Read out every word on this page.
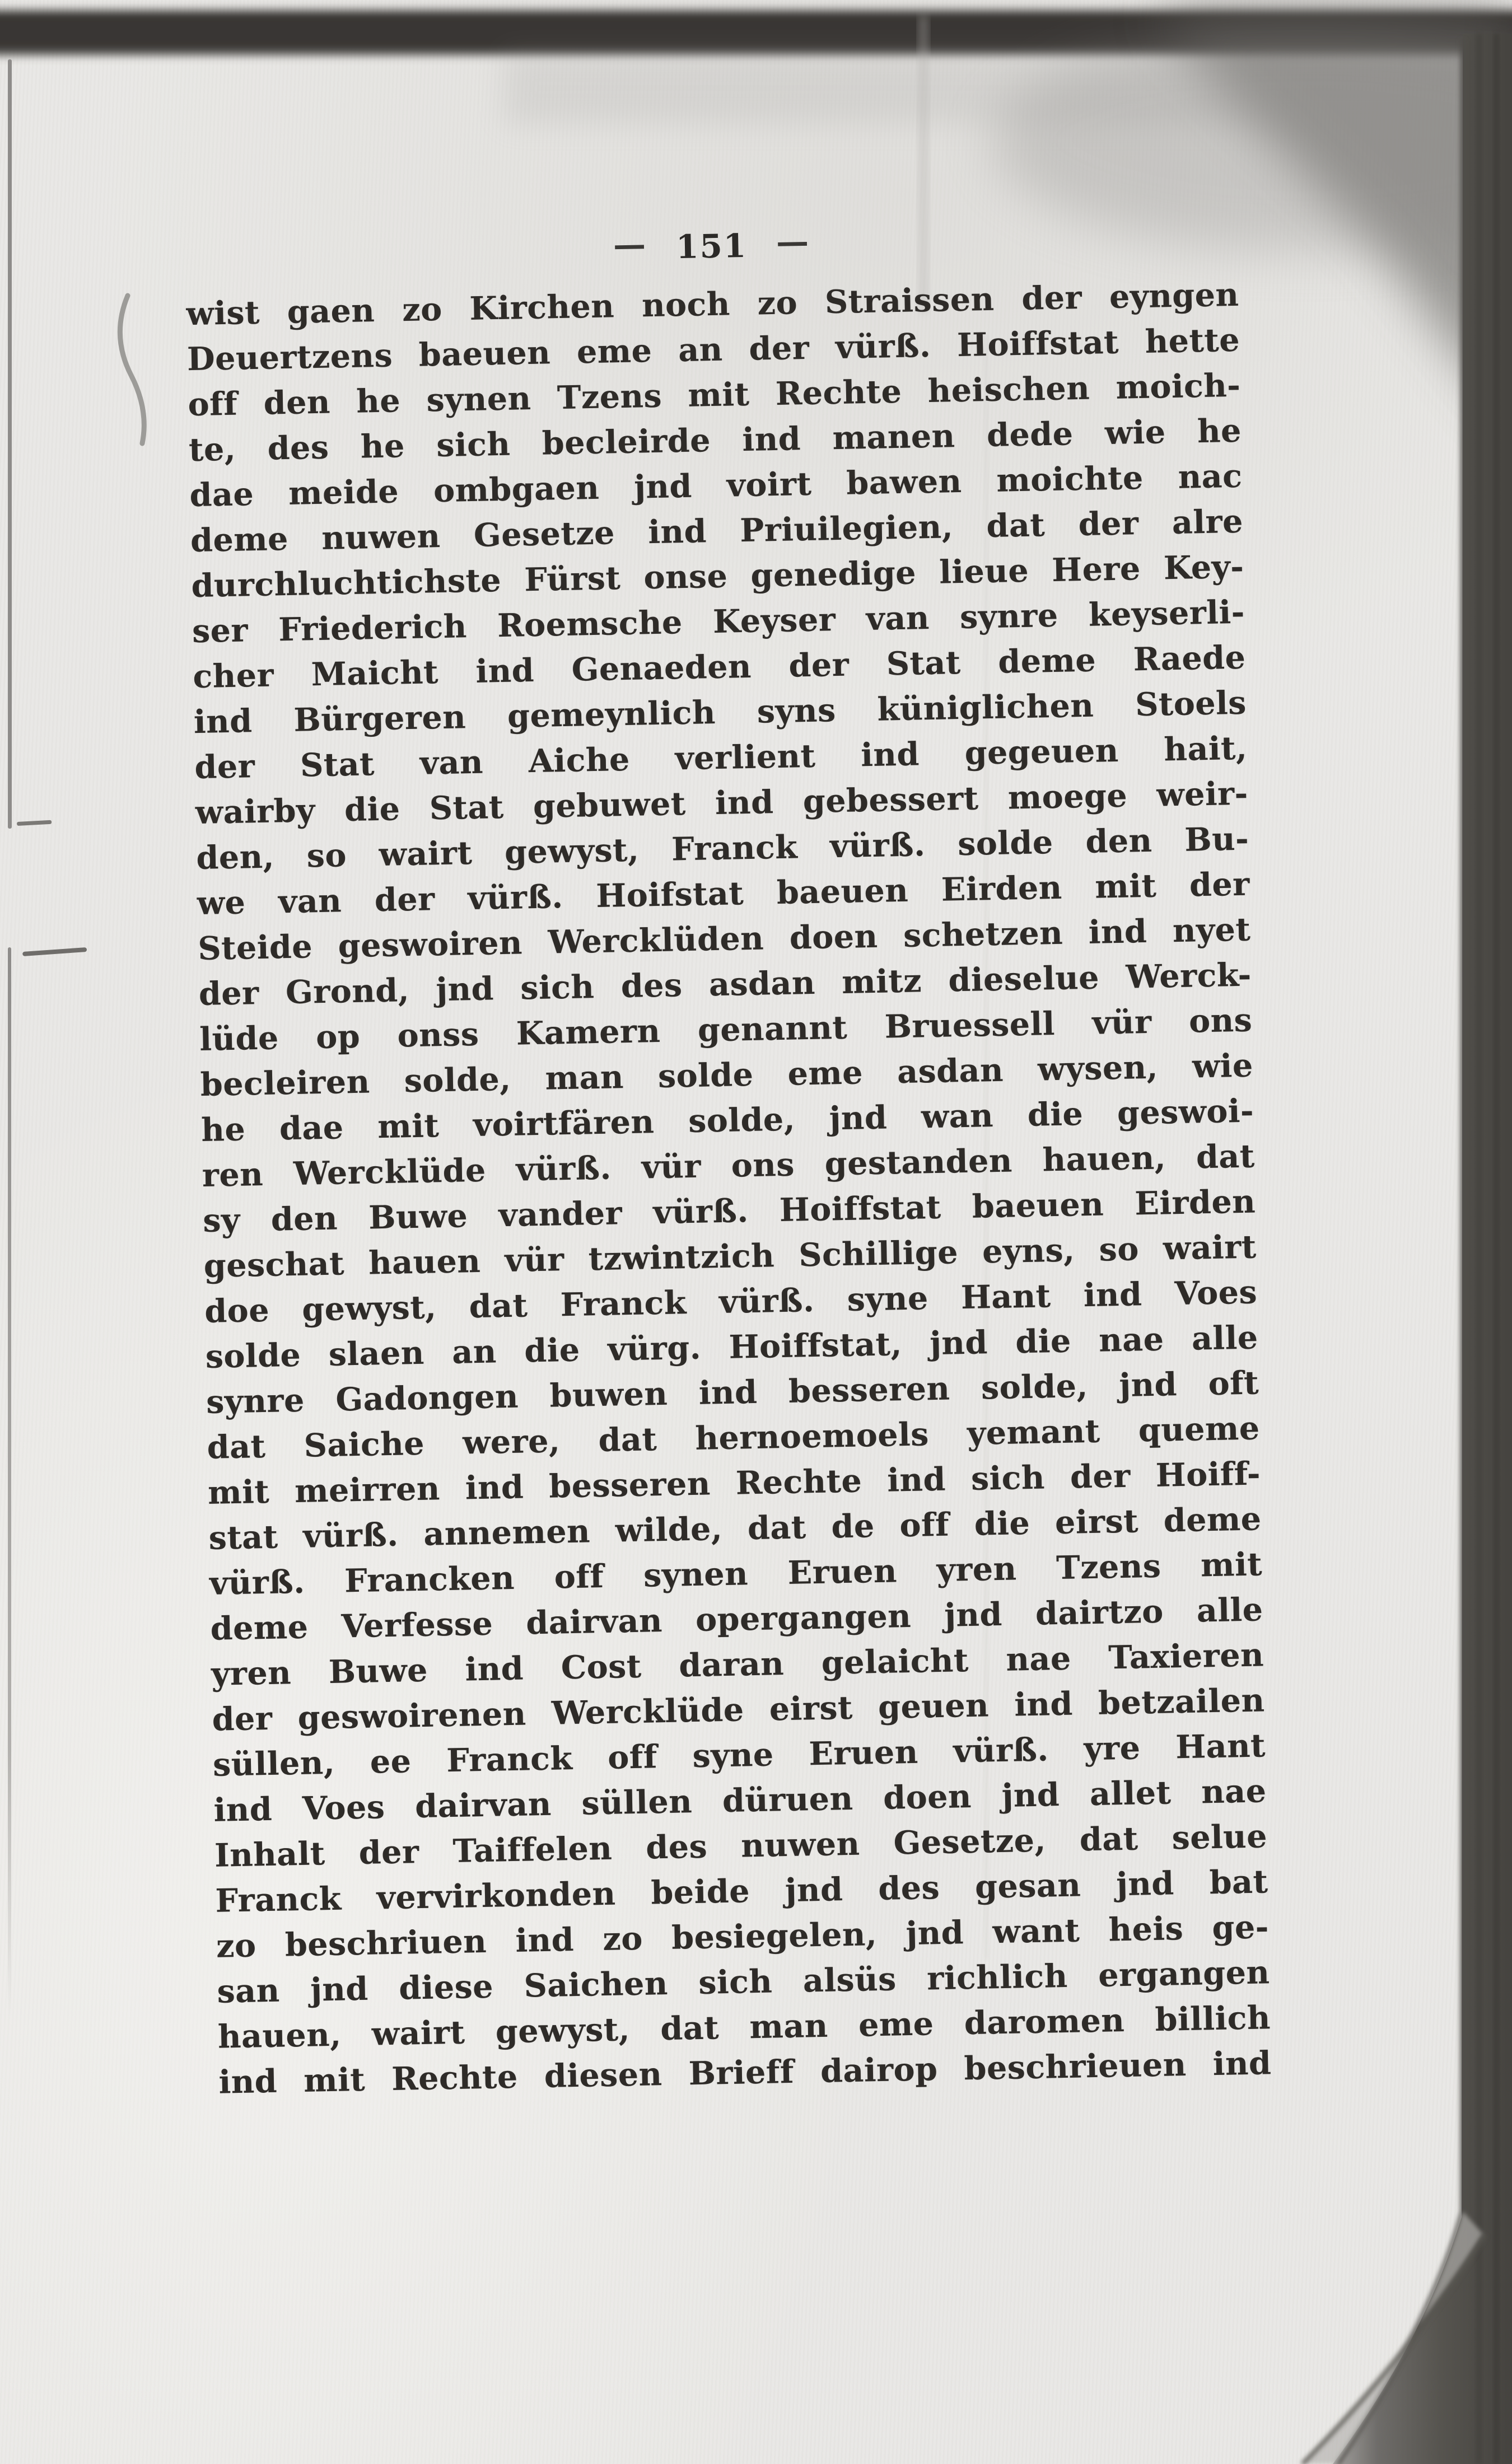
— 151 —
wist gaen zo Kirchen noch zo Straissen der eyngen
Deuertzens baeuen eme an der vürß. Hoiffstat hette
off den he synen Tzens mit Rechte heischen moich-
te, des he sich becleirde ind manen dede wie he
dae meide ombgaen jnd voirt bawen moichte nac
deme nuwen Gesetze ind Priuilegien, dat der alre
durchluchtichste Fürst onse genedige lieue Here Key-
ser Friederich Roemsche Keyser van synre keyserli-
cher Maicht ind Genaeden der Stat deme Raede
ind Bürgeren gemeynlich syns küniglichen Stoels
der Stat van Aiche verlient ind gegeuen hait,
wairby die Stat gebuwet ind gebessert moege weir-
den, so wairt gewyst, Franck vürß. solde den Bu-
we van der vürß. Hoifstat baeuen Eirden mit der
Steide geswoiren Wercklüden doen schetzen ind nyet
der Grond, jnd sich des asdan mitz dieselue Werck-
lüde op onss Kamern genannt Bruessell vür ons
becleiren solde, man solde eme asdan wysen, wie
he dae mit voirtfären solde, jnd wan die geswoi-
ren Wercklüde vürß. vür ons gestanden hauen, dat
sy den Buwe vander vürß. Hoiffstat baeuen Eirden
geschat hauen vür tzwintzich Schillige eyns, so wairt
doe gewyst, dat Franck vürß. syne Hant ind Voes
solde slaen an die vürg. Hoiffstat, jnd die nae alle
synre Gadongen buwen ind besseren solde, jnd oft
dat Saiche were, dat hernoemoels yemant queme
mit meirren ind besseren Rechte ind sich der Hoiff-
stat vürß. annemen wilde, dat de off die eirst deme
vürß. Francken off synen Eruen yren Tzens mit
deme Verfesse dairvan opergangen jnd dairtzo alle
yren Buwe ind Cost daran gelaicht nae Taxieren
der geswoirenen Wercklüde eirst geuen ind betzailen
süllen, ee Franck off syne Eruen vürß. yre Hant
ind Voes dairvan süllen düruen doen jnd allet nae
Inhalt der Taiffelen des nuwen Gesetze, dat selue
Franck vervirkonden beide jnd des gesan jnd bat
zo beschriuen ind zo besiegelen, jnd want heis ge-
san jnd diese Saichen sich alsüs richlich ergangen
hauen, wairt gewyst, dat man eme daromen billich
ind mit Rechte diesen Brieff dairop beschrieuen ind
